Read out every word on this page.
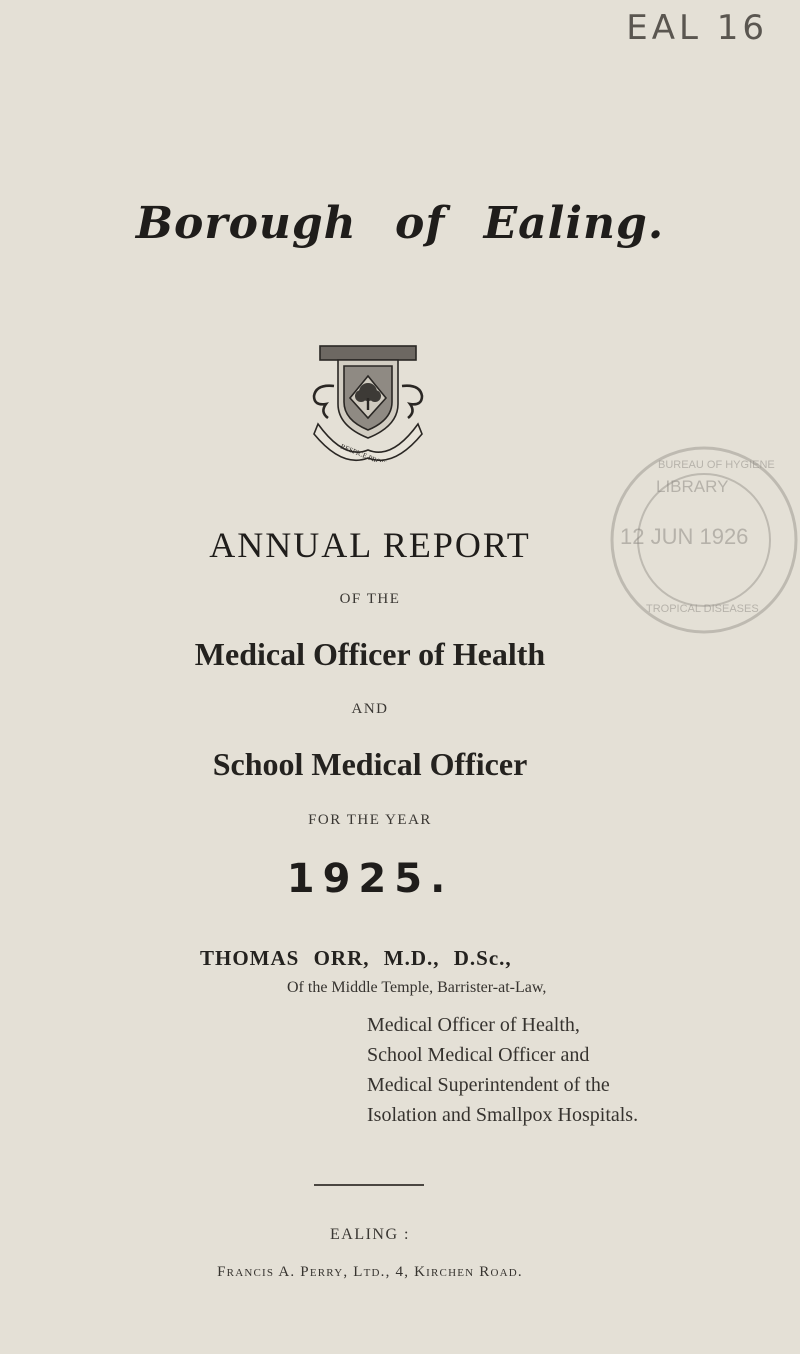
EAL 16
Borough of Ealing.
LIBRARY
12 JUN 1926
BUREAU OF HYGIENE
TROPICAL DISEASES
ANNUAL REPORT
OF THE
Medical Officer of Health
AND
School Medical Officer
FOR THE YEAR
1925.
THOMAS ORR, M.D., D.Sc.,
Of the Middle Temple, Barrister-at-Law,
Medical Officer of Health,
School Medical Officer and
Medical Superintendent of the
Isolation and Smallpox Hospitals.
EALING :
Francis A. Perry, Ltd., 4, Kirchen Road.
